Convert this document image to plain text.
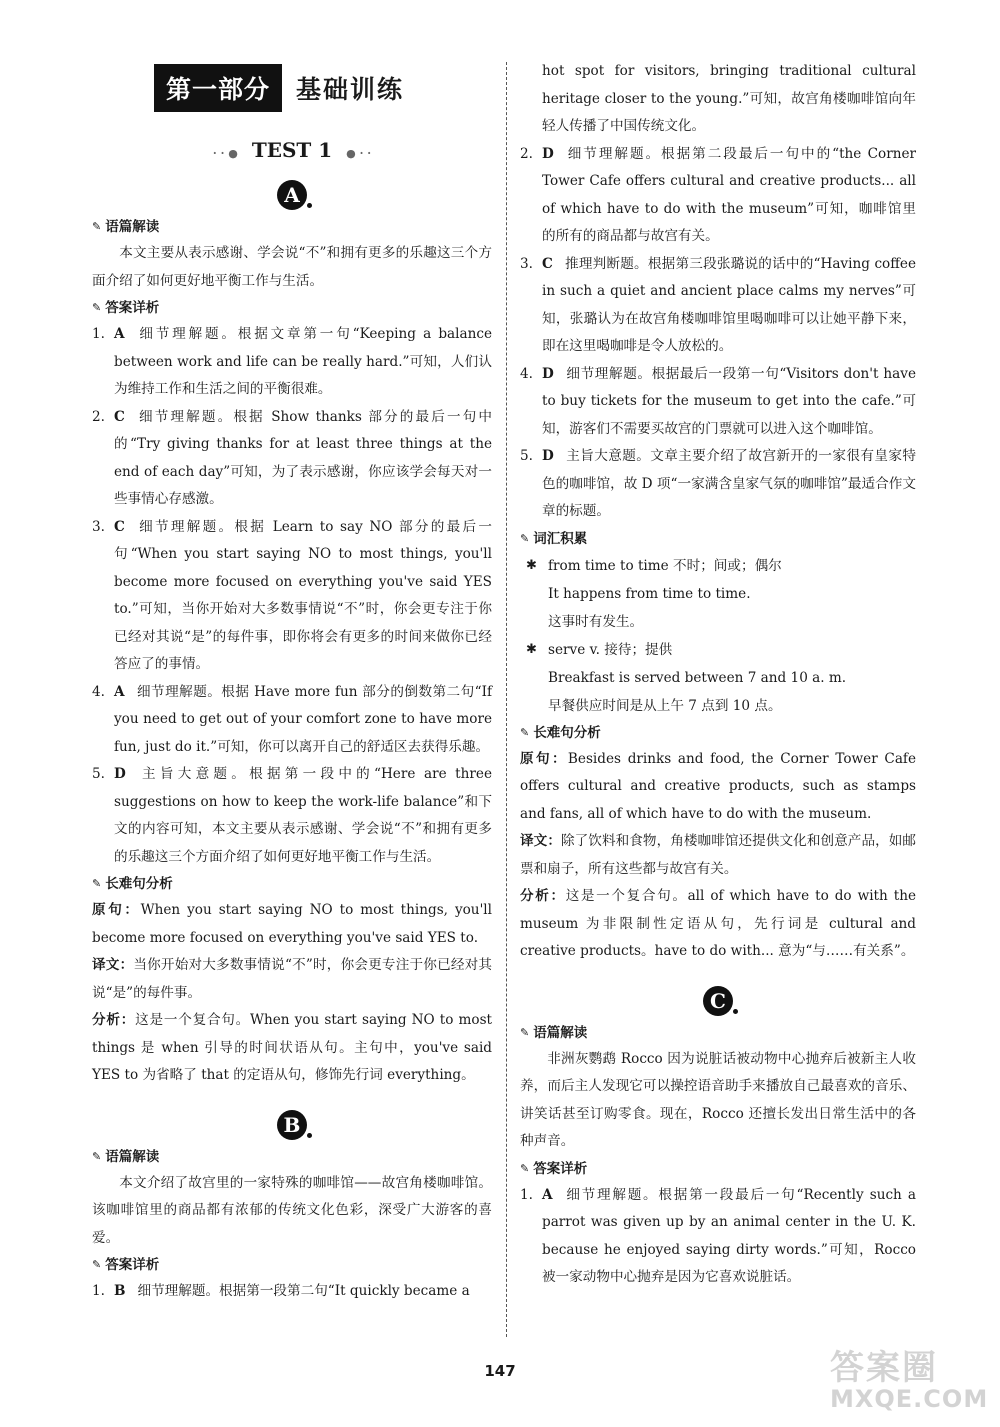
第一部分	基础训练
· · ● TEST 1 ● · ·
A
✎ 语篇解读

本文主要从表示感谢、学会说“不”和拥有更多的乐趣这三个方面介绍了如何更好地平衡工作与生活。

✎ 答案详析

1. A 细节理解题。根据文章第一句“Keeping a balance between work and life can be really hard.”可知，人们认为维持工作和生活之间的平衡很难。

2. C 细节理解题。根据 Show thanks 部分的最后一句中的“Try giving thanks for at least three things at the end of each day”可知，为了表示感谢，你应该学会每天对一些事情心存感激。

3. C 细节理解题。根据 Learn to say NO 部分的最后一句“When you start saying NO to most things, you'll become more focused on everything you've said YES to.”可知，当你开始对大多数事情说“不”时，你会更专注于你已经对其说“是”的每件事，即你将会有更多的时间来做你已经答应了的事情。

4. A 细节理解题。根据 Have more fun 部分的倒数第二句“If you need to get out of your comfort zone to have more fun, just do it.”可知，你可以离开自己的舒适区去获得乐趣。

5. D 主旨大意题。根据第一段中的“Here are three suggestions on how to keep the work-life balance”和下文的内容可知，本文主要从表示感谢、学会说“不”和拥有更多的乐趣这三个方面介绍了如何更好地平衡工作与生活。

✎ 长难句分析

原句：When you start saying NO to most things, you'll become more focused on everything you've said YES to.

译文：当你开始对大多数事情说“不”时，你会更专注于你已经对其说“是”的每件事。

分析：这是一个复合句。When you start saying NO to most things 是 when 引导的时间状语从句。主句中，you've said YES to 为省略了 that 的定语从句，修饰先行词 everything。

B
✎ 语篇解读

本文介绍了故宫里的一家特殊的咖啡馆——故宫角楼咖啡馆。该咖啡馆里的商品都有浓郁的传统文化色彩，深受广大游客的喜爱。

✎ 答案详析

1. B 细节理解题。根据第一段第二句“It quickly became a

hot spot for visitors, bringing traditional cultural heritage closer to the young.”可知，故宫角楼咖啡馆向年轻人传播了中国传统文化。

2. D 细节理解题。根据第二段最后一句中的“the Corner Tower Cafe offers cultural and creative products... all of which have to do with the museum”可知，咖啡馆里的所有的商品都与故宫有关。

3. C 推理判断题。根据第三段张璐说的话中的“Having coffee in such a quiet and ancient place calms my nerves”可知，张璐认为在故宫角楼咖啡馆里喝咖啡可以让她平静下来，即在这里喝咖啡是令人放松的。

4. D 细节理解题。根据最后一段第一句“Visitors don't have to buy tickets for the museum to get into the cafe.”可知，游客们不需要买故宫的门票就可以进入这个咖啡馆。

5. D 主旨大意题。文章主要介绍了故宫新开的一家很有皇家特色的咖啡馆，故 D 项“一家满含皇家气氛的咖啡馆”最适合作文章的标题。

✎ 词汇积累

✱ from time to time 不时；间或；偶尔

It happens from time to time.

这事时有发生。

✱ serve v. 接待；提供

Breakfast is served between 7 and 10 a. m.

早餐供应时间是从上午 7 点到 10 点。

✎ 长难句分析

原句：Besides drinks and food, the Corner Tower Cafe offers cultural and creative products, such as stamps and fans, all of which have to do with the museum.

译文：除了饮料和食物，角楼咖啡馆还提供文化和创意产品，如邮票和扇子，所有这些都与故宫有关。

分析：这是一个复合句。all of which have to do with the museum 为非限制性定语从句，先行词是 cultural and creative products。have to do with... 意为“与……有关系”。

C
✎ 语篇解读

非洲灰鹦鹉 Rocco 因为说脏话被动物中心抛弃后被新主人收养，而后主人发现它可以操控语音助手来播放自己最喜欢的音乐、讲笑话甚至订购零食。现在，Rocco 还擅长发出日常生活中的各种声音。

✎ 答案详析

1. A 细节理解题。根据第一段最后一句“Recently such a parrot was given up by an animal center in the U. K. because he enjoyed saying dirty words.”可知，Rocco 被一家动物中心抛弃是因为它喜欢说脏话。

147	答案圈
MXQE.COM
